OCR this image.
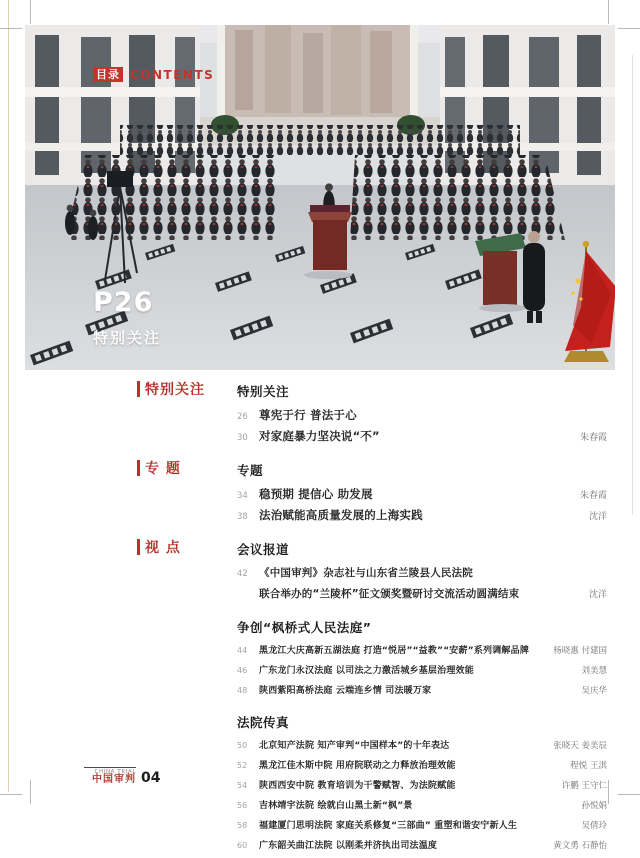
目录 CONTENTS
P26
特别关注
特别关注	特别关注
26 尊宪于行 普法于心
30 对家庭暴力坚决说“不”	朱春霞
专 题	专题
34 稳预期 提信心 助发展	朱春霞
38 法治赋能高质量发展的上海实践	沈洋
视 点	会议报道
42	《中国审判》杂志社与山东省兰陵县人民法院
联合举办的“兰陵杯”征文颁奖暨研讨交流活动圆满结束	沈洋
争创“枫桥式人民法庭”
44	黑龙江大庆高新五湖法庭 打造“悦居”“益教”“安薪”系列调解品牌	杨晓惠 付建国
46	广东龙门永汉法庭 以司法之力激活城乡基层治理效能	刘美慧
48	陕西紫阳高桥法庭 云端连乡情 司法暖万家	吴庆华
法院传真
50	北京知产法院 知产审判“中国样本”的十年表达	张晓天 姜美辰
52	黑龙江佳木斯中院 用府院联动之力释放治理效能	程悦 王淇
54	陕西西安中院 教育培训为干警赋智、为法院赋能	许鹏 王守仁
56	吉林靖宇法院 绘就白山黑土新“枫”景	孙悦娟
58	福建厦门思明法院 家庭关系修复“三部曲” 重塑和谐安宁新人生	吴倩玲
60	广东韶关曲江法院 以刚柔并济执出司法温度	黄文勇 石静怡
CHINA TRIAL
中国审判 04
